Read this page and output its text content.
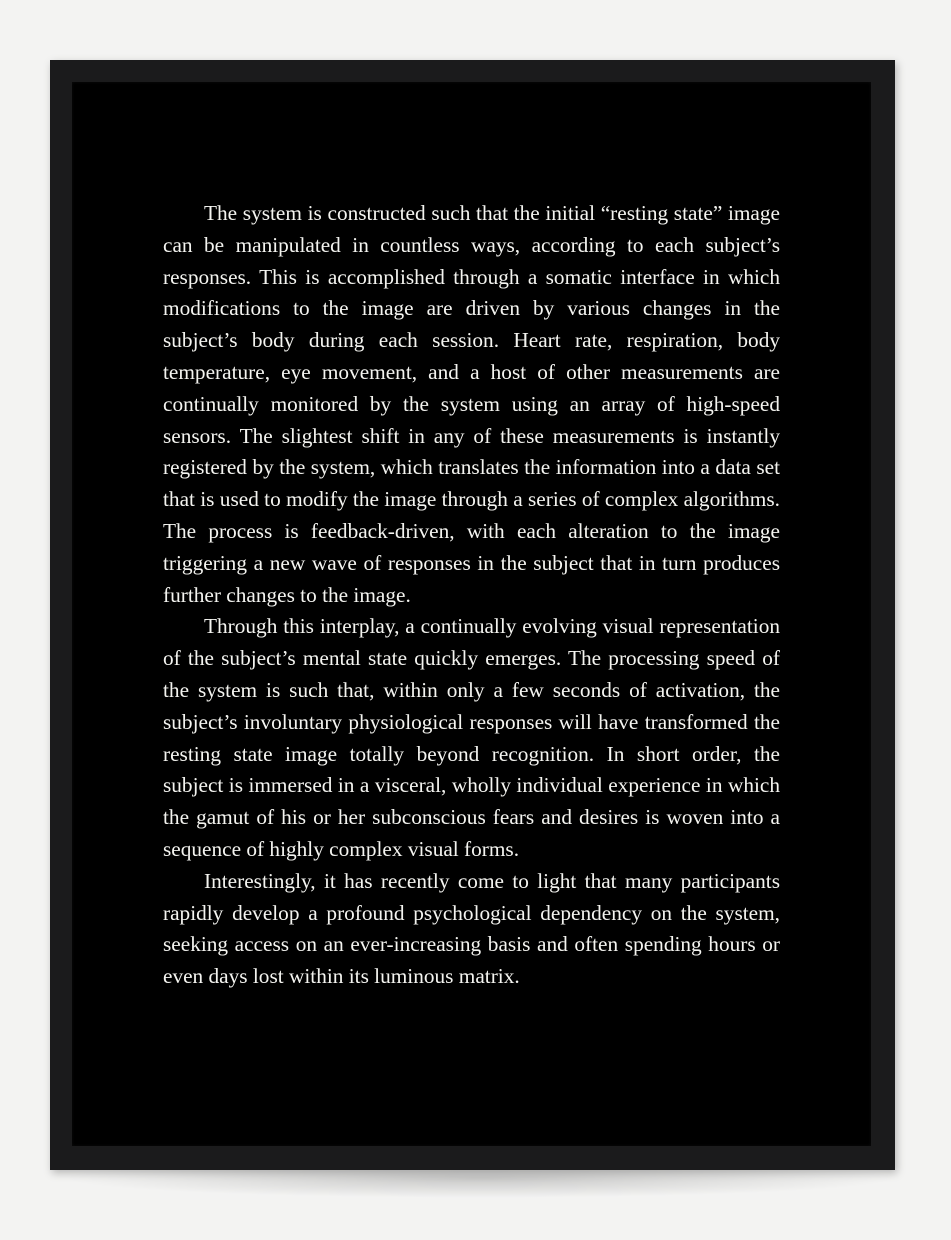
The system is constructed such that the initial “resting state” image can be manipulated in countless ways, according to each subject’s responses. This is accomplished through a somatic interface in which modifications to the image are driven by various changes in the subject’s body during each session. Heart rate, respiration, body temperature, eye movement, and a host of other measurements are continually monitored by the system using an array of high-speed sensors. The slightest shift in any of these measurements is instantly registered by the system, which translates the information into a data set that is used to modify the image through a series of complex algorithms. The process is feedback-driven, with each alteration to the image triggering a new wave of responses in the subject that in turn produces further changes to the image.

Through this interplay, a continually evolving visual representation of the subject’s mental state quickly emerges. The processing speed of the system is such that, within only a few seconds of activation, the subject’s involuntary physiological responses will have transformed the resting state image totally beyond recognition. In short order, the subject is immersed in a visceral, wholly individual experience in which the gamut of his or her subconscious fears and desires is woven into a sequence of highly complex visual forms.

Interestingly, it has recently come to light that many participants rapidly develop a profound psychological dependency on the system, seeking access on an ever-increasing basis and often spending hours or even days lost within its luminous matrix.
